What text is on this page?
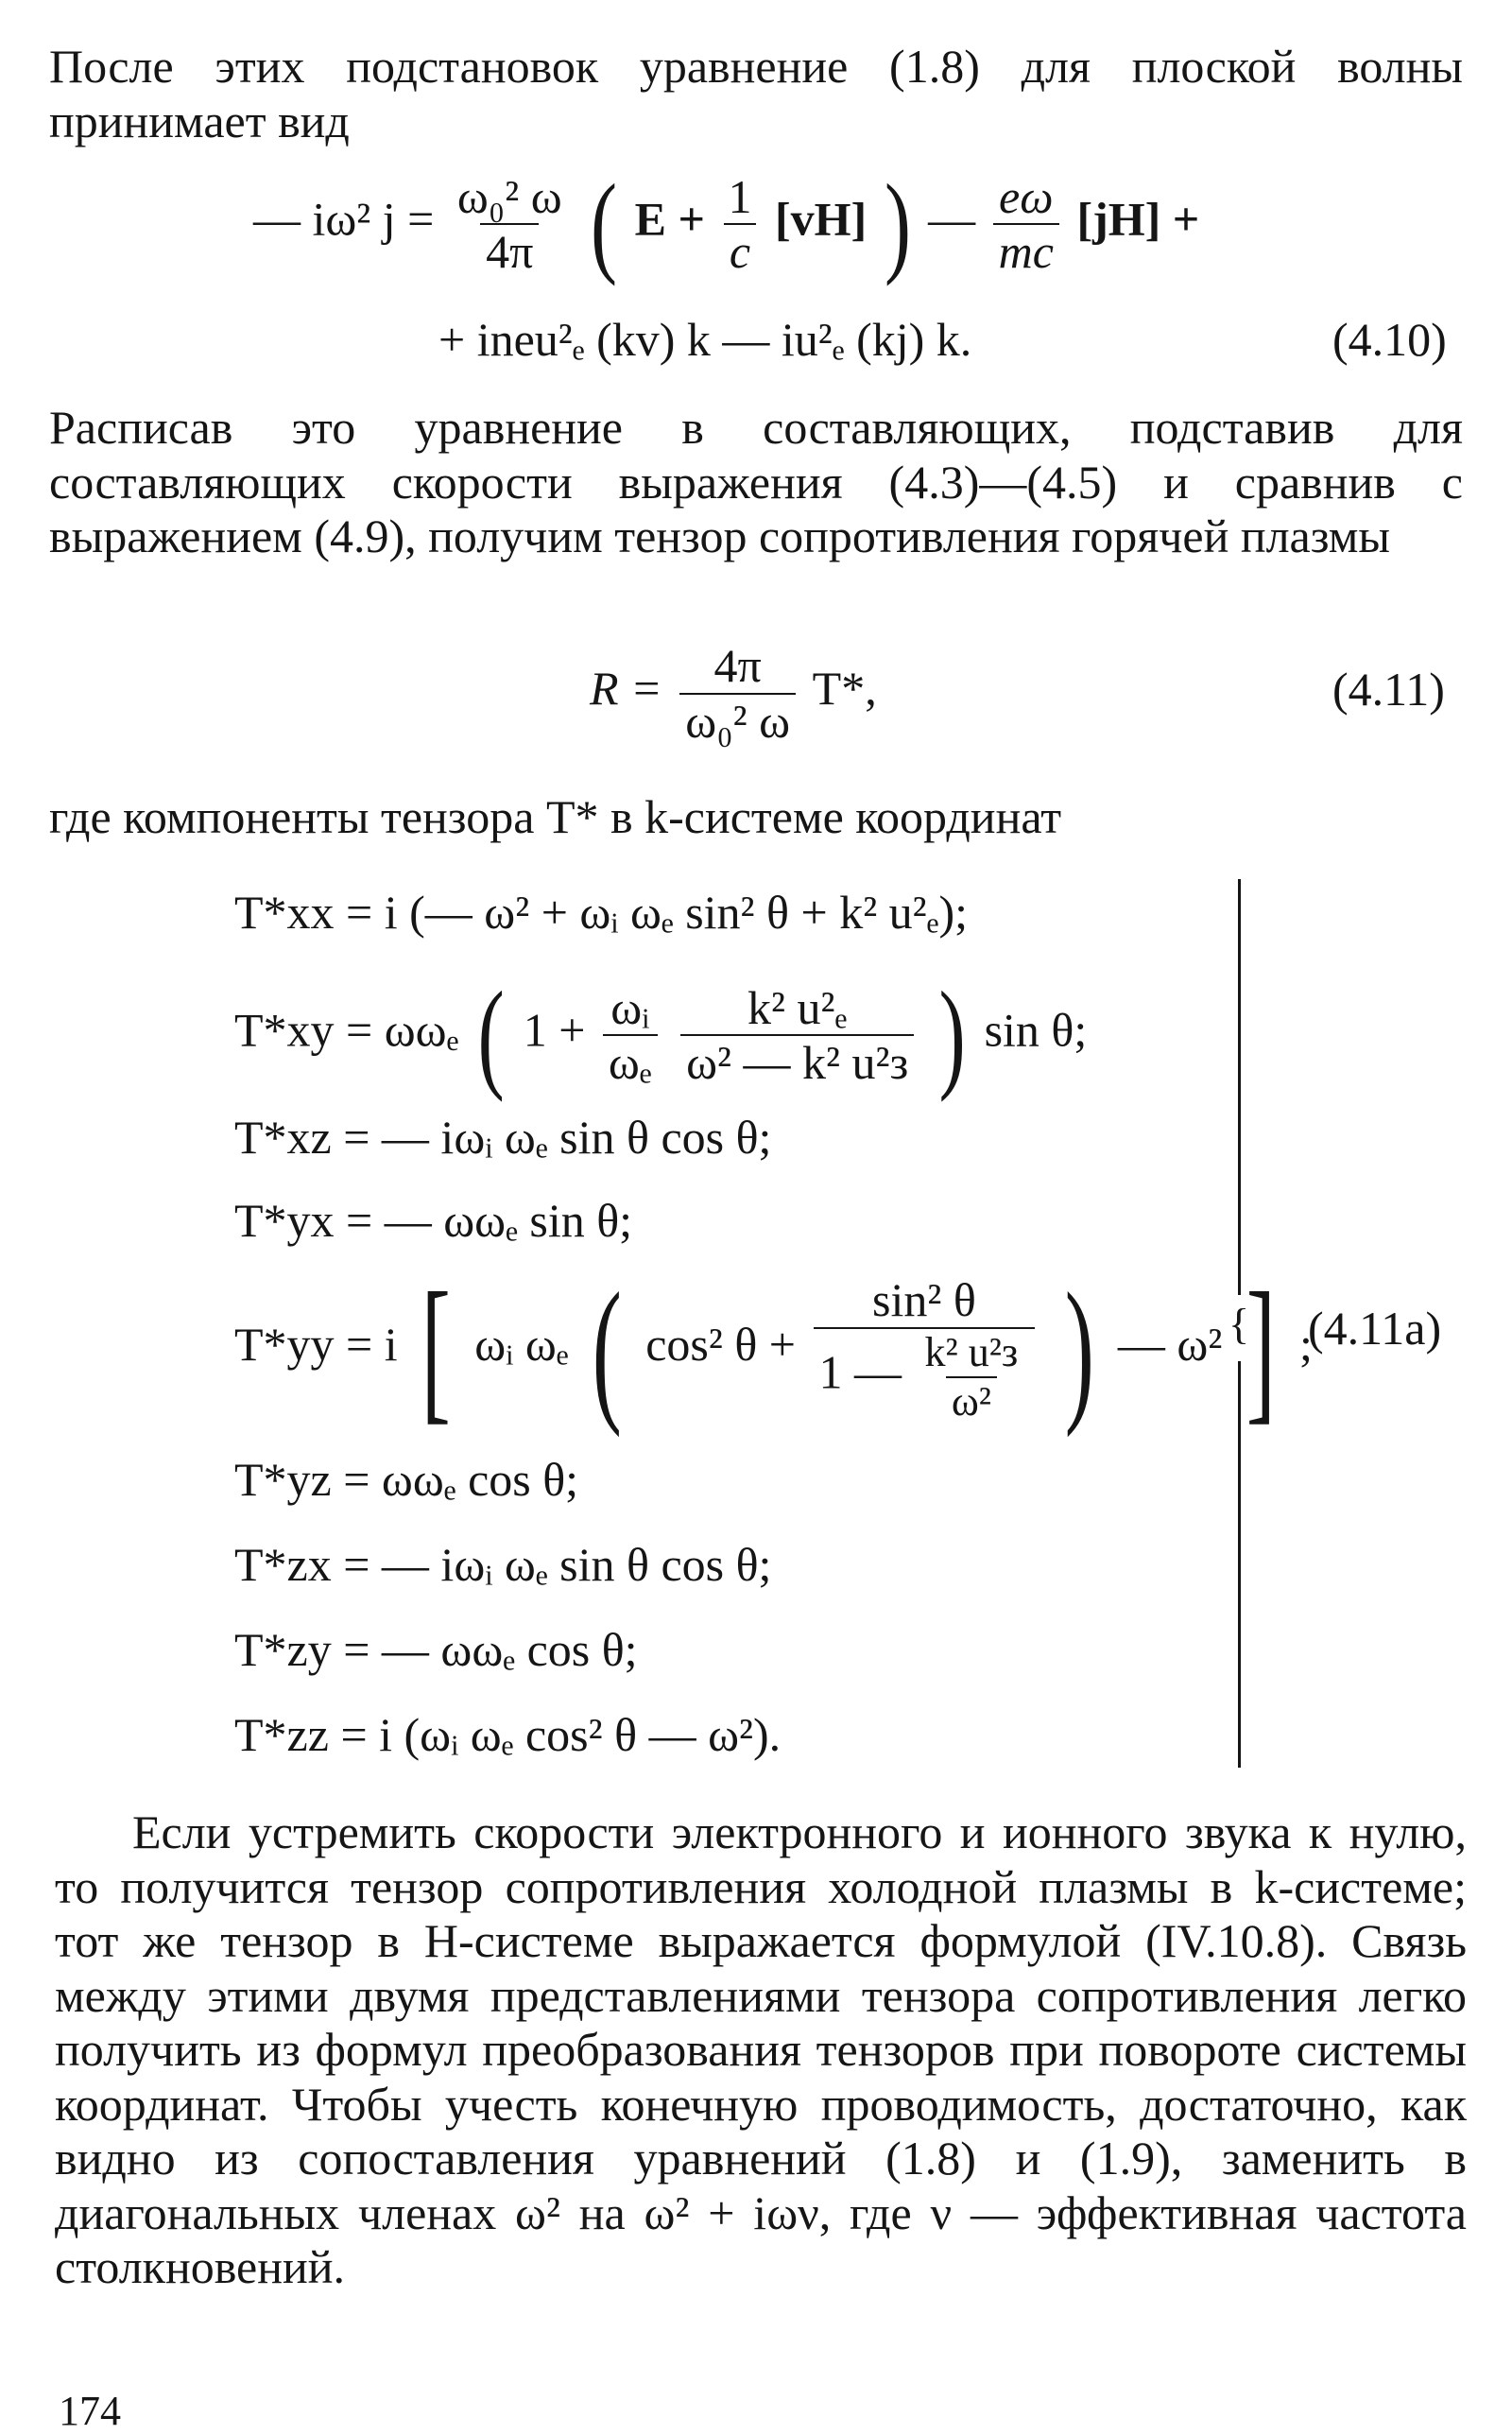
После этих подстановок уравнение (1.8) для плоской волны принимает вид

— iω² $j = \frac{\text{ω₀² ω}}{4\pi}$ ( $E + \frac{1}{c} [vH]$ ) — $\frac{e\omega}{mc} [jH]$ +
+ ineu²ₑ (kv) k — iu²ₑ (kj) k.	(4.10)

Расписав это уравнение в составляющих, подставив для составляющих скорости выражения (4.3)—(4.5) и сравнив с выражением (4.9), получим тензор сопротивления горячей плазмы

$R = \frac{4\pi}{\text{ω₀² ω}} T*$,	(4.11)

где компоненты тензора T* в k-системе координат

T*xx = i (— ω² + ωᵢ ωₑ sin² θ + k² u²ₑ);
T*xy = ωωₑ ( $1 + \frac{\text{ωᵢ}}{\text{ωₑ}}$
$\frac{\text{k² u²ₑ}}{\text{ω² — k² u²з}}$ ) sin θ;
T*xz = — iωᵢ ωₑ sin θ cos θ;
T*yx = — ωωₑ sin θ;
T*yy = i [ ωᵢ ωₑ ( cos² $\theta + \frac{\text{sin² θ}}{1 — \frac{\text{k² u²з}}{\text{ω²}}}$ ) — ω² ] ;
T*yz = ωωₑ cos θ;
T*zx = — iωᵢ ωₑ sin θ cos θ;
T*zy = — ωωₑ cos θ;
T*zz = i (ωᵢ ωₑ cos² θ — ω²).
{ (4.11a)

Если устремить скорости электронного и ионного звука к нулю, то получится тензор сопротивления холодной плазмы в k-системе; тот же тензор в H-системе выражается формулой (IV.10.8). Связь между этими двумя представлениями тензора сопротивления легко получить из формул преобразования тензоров при повороте системы координат. Чтобы учесть конечную проводимость, достаточно, как видно из сопоставления уравнений (1.8) и (1.9), заменить в диагональных членах ω² на ω² + iων, где ν — эффективная частота столкновений.

174
